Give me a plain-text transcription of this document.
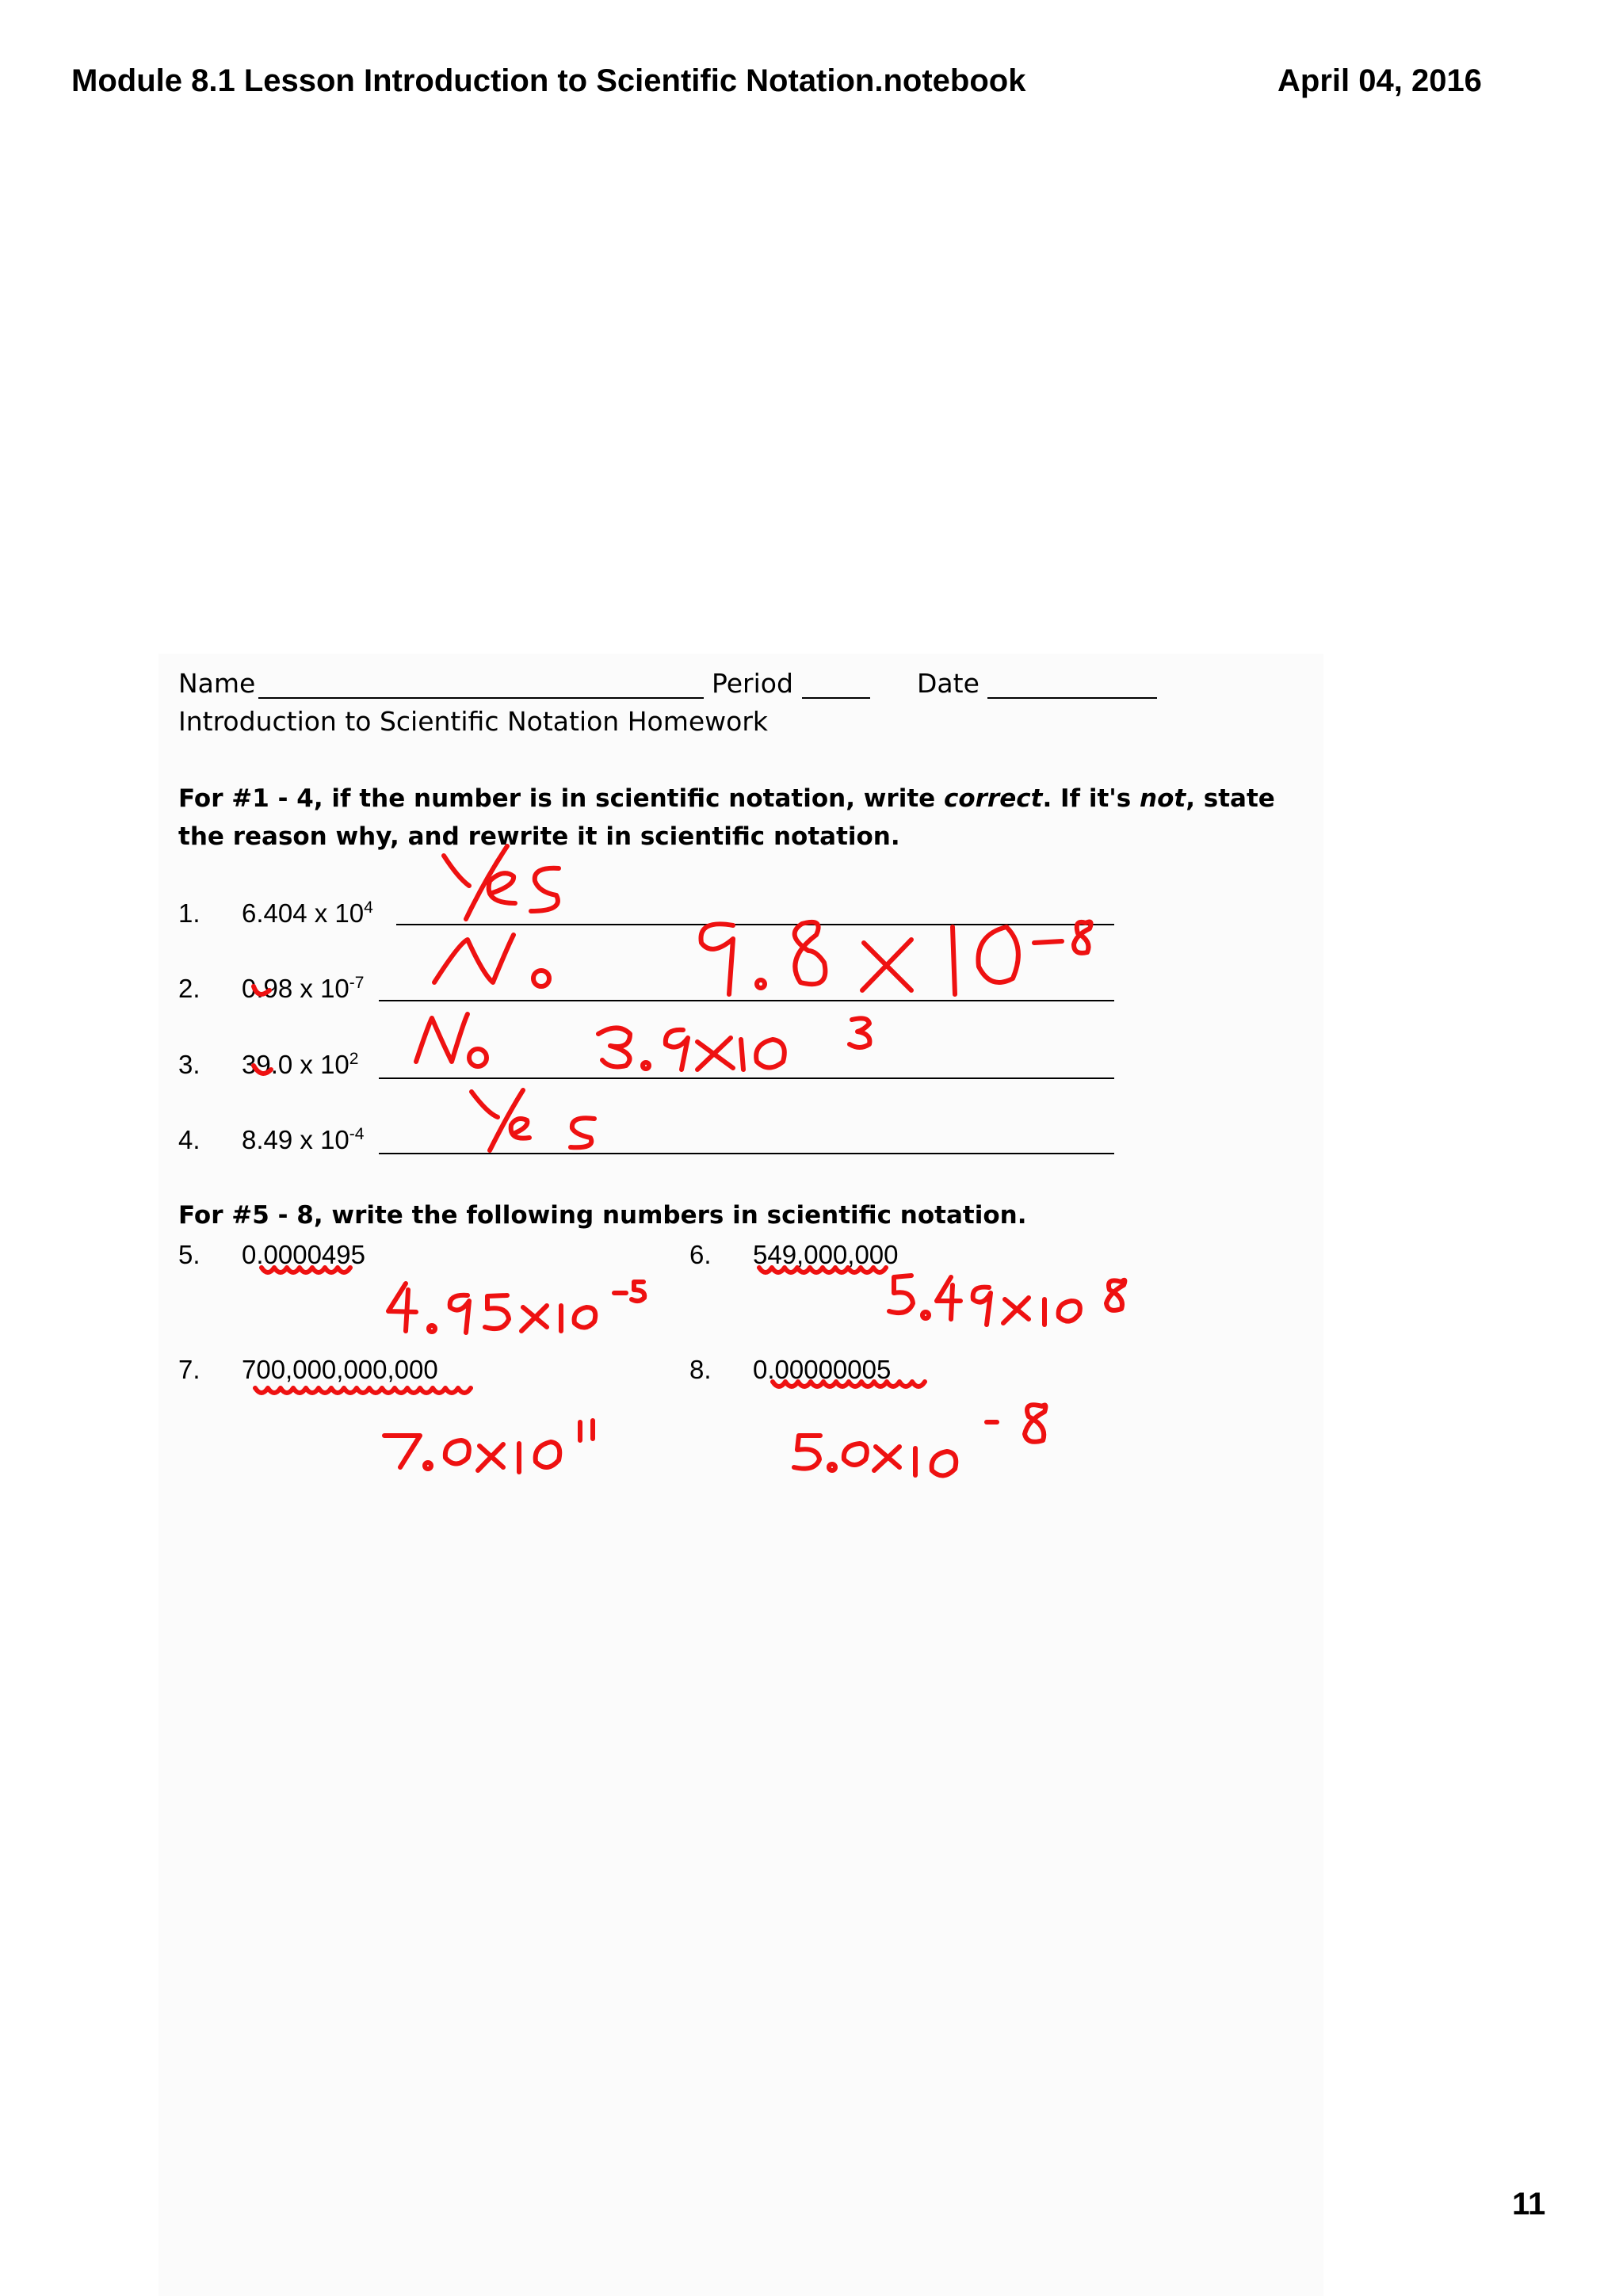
Module 8.1 Lesson Introduction to Scientific Notation.notebook	April 04, 2016
Name	Period	Date
Introduction to Scientific Notation Homework
For #1 - 4, if the number is in scientific notation, write correct. If it's not, state
the reason why, and rewrite it in scientific notation.
1. 6.404 x $10^4$
2. 0.98 x $10^{-7}$
3. 39.0 x $10^2$
4. 8.49 x $10^{-4}$
For #5 - 8, write the following numbers in scientific notation.
5. 0.0000495	6. 549,000,000
7. 700,000,000,000	8. 0.00000005
11
